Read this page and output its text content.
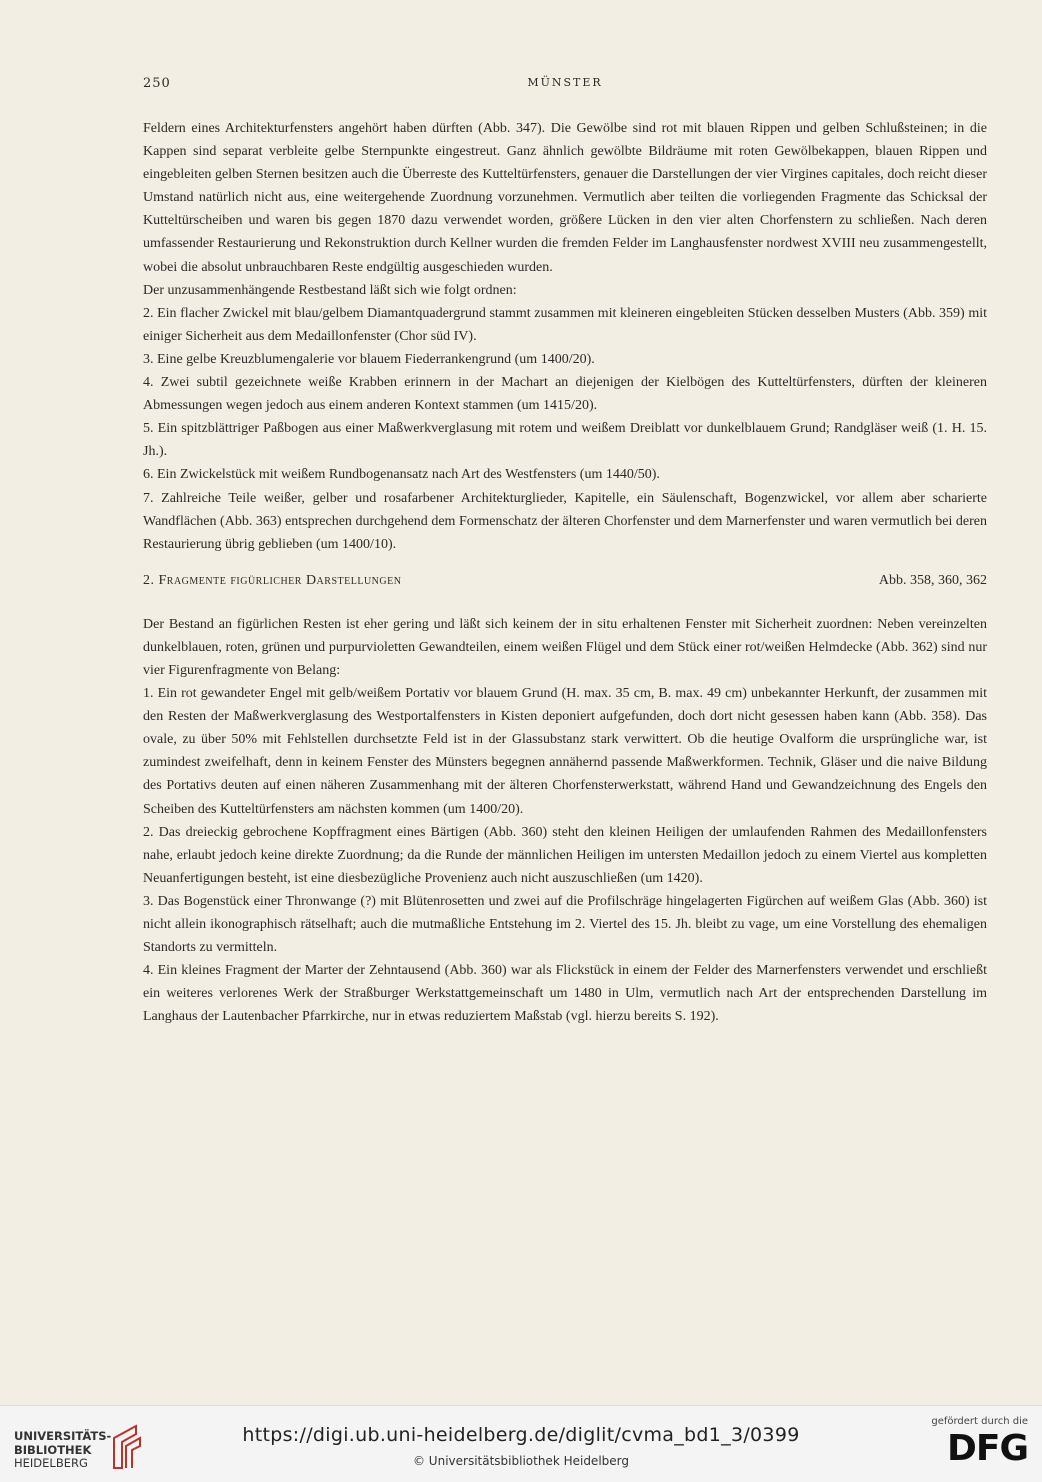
250	MÜNSTER

Feldern eines Architekturfensters angehört haben dürften (Abb. 347). Die Gewölbe sind rot mit blauen Rippen und gelben Schlußsteinen; in die Kappen sind separat verbleite gelbe Sternpunkte eingestreut. Ganz ähnlich gewölbte Bildräume mit roten Gewölbekappen, blauen Rippen und eingebleiten gelben Sternen besitzen auch die Überreste des Kutteltürfensters, genauer die Darstellungen der vier Virgines capitales, doch reicht dieser Umstand natürlich nicht aus, eine weitergehende Zuordnung vorzunehmen. Vermutlich aber teilten die vorliegenden Fragmente das Schicksal der Kutteltürscheiben und waren bis gegen 1870 dazu verwendet worden, größere Lücken in den vier alten Chorfenstern zu schließen. Nach deren umfassender Restaurierung und Rekonstruktion durch Kellner wurden die fremden Felder im Langhausfenster nordwest XVIII neu zusammengestellt, wobei die absolut unbrauchbaren Reste endgültig ausgeschieden wurden.

Der unzusammenhängende Restbestand läßt sich wie folgt ordnen:

2. Ein flacher Zwickel mit blau/gelbem Diamantquadergrund stammt zusammen mit kleineren eingebleiten Stücken desselben Musters (Abb. 359) mit einiger Sicherheit aus dem Medaillonfenster (Chor süd IV).

3. Eine gelbe Kreuzblumengalerie vor blauem Fiederrankengrund (um 1400/20).

4. Zwei subtil gezeichnete weiße Krabben erinnern in der Machart an diejenigen der Kielbögen des Kutteltürfensters, dürften der kleineren Abmessungen wegen jedoch aus einem anderen Kontext stammen (um 1415/20).

5. Ein spitzblättriger Paßbogen aus einer Maßwerkverglasung mit rotem und weißem Dreiblatt vor dunkelblauem Grund; Randgläser weiß (1. H. 15. Jh.).

6. Ein Zwickelstück mit weißem Rundbogenansatz nach Art des Westfensters (um 1440/50).

7. Zahlreiche Teile weißer, gelber und rosafarbener Architekturglieder, Kapitelle, ein Säulenschaft, Bogenzwickel, vor allem aber scharierte Wandflächen (Abb. 363) entsprechen durchgehend dem Formenschatz der älteren Chorfenster und dem Marnerfenster und waren vermutlich bei deren Restaurierung übrig geblieben (um 1400/10).

2. Fragmente figürlicher Darstellungen	Abb. 358, 360, 362

Der Bestand an figürlichen Resten ist eher gering und läßt sich keinem der in situ erhaltenen Fenster mit Sicherheit zuordnen: Neben vereinzelten dunkelblauen, roten, grünen und purpurvioletten Gewandteilen, einem weißen Flügel und dem Stück einer rot/weißen Helmdecke (Abb. 362) sind nur vier Figurenfragmente von Belang:

1. Ein rot gewandeter Engel mit gelb/weißem Portativ vor blauem Grund (H. max. 35 cm, B. max. 49 cm) unbekannter Herkunft, der zusammen mit den Resten der Maßwerkverglasung des Westportalfensters in Kisten deponiert aufgefunden, doch dort nicht gesessen haben kann (Abb. 358). Das ovale, zu über 50% mit Fehlstellen durchsetzte Feld ist in der Glassubstanz stark verwittert. Ob die heutige Ovalform die ursprüngliche war, ist zumindest zweifelhaft, denn in keinem Fenster des Münsters begegnen annähernd passende Maßwerkformen. Technik, Gläser und die naive Bildung des Portativs deuten auf einen näheren Zusammenhang mit der älteren Chorfensterwerkstatt, während Hand und Gewandzeichnung des Engels den Scheiben des Kutteltürfensters am nächsten kommen (um 1400/20).

2. Das dreieckig gebrochene Kopffragment eines Bärtigen (Abb. 360) steht den kleinen Heiligen der umlaufenden Rahmen des Medaillonfensters nahe, erlaubt jedoch keine direkte Zuordnung; da die Runde der männlichen Heiligen im untersten Medaillon jedoch zu einem Viertel aus kompletten Neuanfertigungen besteht, ist eine diesbezügliche Provenienz auch nicht auszuschließen (um 1420).

3. Das Bogenstück einer Thronwange (?) mit Blütenrosetten und zwei auf die Profilschräge hingelagerten Figürchen auf weißem Glas (Abb. 360) ist nicht allein ikonographisch rätselhaft; auch die mutmaßliche Entstehung im 2. Viertel des 15. Jh. bleibt zu vage, um eine Vorstellung des ehemaligen Standorts zu vermitteln.

4. Ein kleines Fragment der Marter der Zehntausend (Abb. 360) war als Flickstück in einem der Felder des Marnerfensters verwendet und erschließt ein weiteres verlorenes Werk der Straßburger Werkstattgemeinschaft um 1480 in Ulm, vermutlich nach Art der entsprechenden Darstellung im Langhaus der Lautenbacher Pfarrkirche, nur in etwas reduziertem Maßstab (vgl. hierzu bereits S. 192).

UNIVERSITÄTS-
BIBLIOTHEK
HEIDELBERG
https://digi.ub.uni-heidelberg.de/diglit/cvma_bd1_3/0399
© Universitätsbibliothek Heidelberg
gefördert durch die
DFG
